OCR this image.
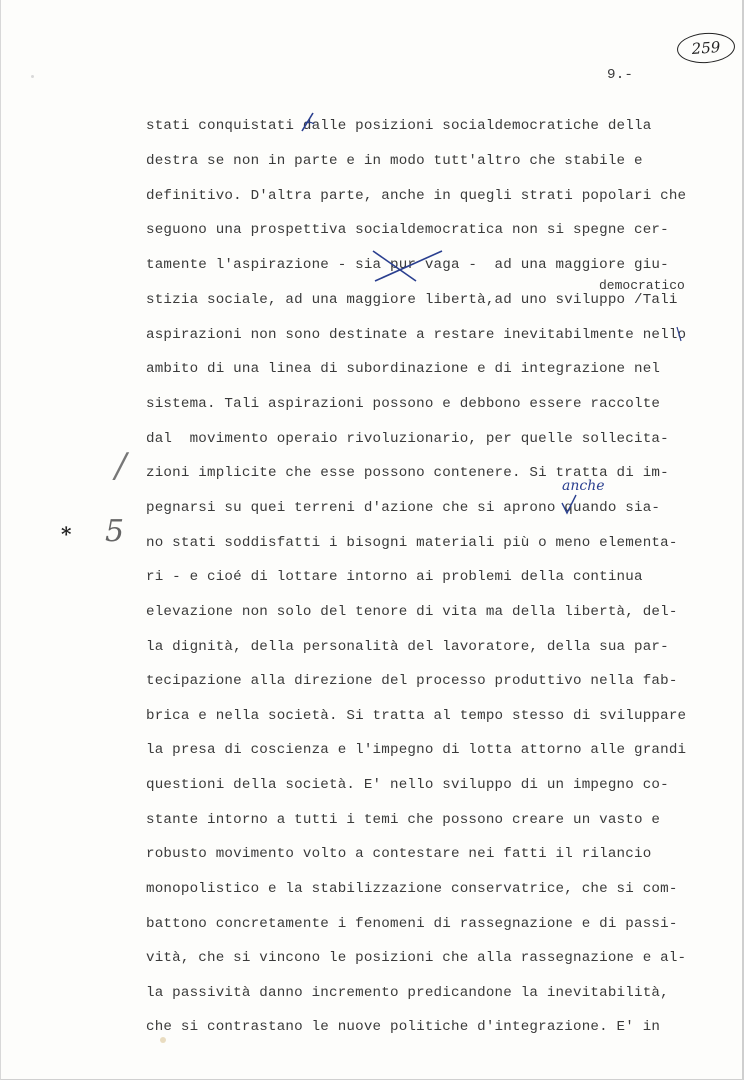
259
9.-
stati conquistati dalle posizioni socialdemocratiche della
destra se non in parte e in modo tutt'altro che stabile e
definitivo. D'altra parte, anche in quegli strati popolari che
seguono una prospettiva socialdemocratica non si spegne cer-
tamente l'aspirazione - sia pur vaga -  ad una maggiore giu-
stizia sociale, ad una maggiore libertà,ad uno sviluppo /Tali
aspirazioni non sono destinate a restare inevitabilmente nello
ambito di una linea di subordinazione e di integrazione nel
sistema. Tali aspirazioni possono e debbono essere raccolte
dal  movimento operaio rivoluzionario, per quelle sollecita-
zioni implicite che esse possono contenere. Si tratta di im-
pegnarsi su quei terreni d'azione che si aprono quando sia-
no stati soddisfatti i bisogni materiali più o meno elementa-
ri - e cioé di lottare intorno ai problemi della continua
elevazione non solo del tenore di vita ma della libertà, del-
la dignità, della personalità del lavoratore, della sua par-
tecipazione alla direzione del processo produttivo nella fab-
brica e nella società. Si tratta al tempo stesso di sviluppare
la presa di coscienza e l'impegno di lotta attorno alle grandi
questioni della società. E' nello sviluppo di un impegno co-
stante intorno a tutti i temi che possono creare un vasto e
robusto movimento volto a contestare nei fatti il rilancio
monopolistico e la stabilizzazione conservatrice, che si com-
battono concretamente i fenomeni di rassegnazione e di passi-
vità, che si vincono le posizioni che alla rassegnazione e al-
la passività danno incremento predicandone la inevitabilità,
che si contrastano le nuove politiche d'integrazione. E' in
democratico
anche
* 5
/
